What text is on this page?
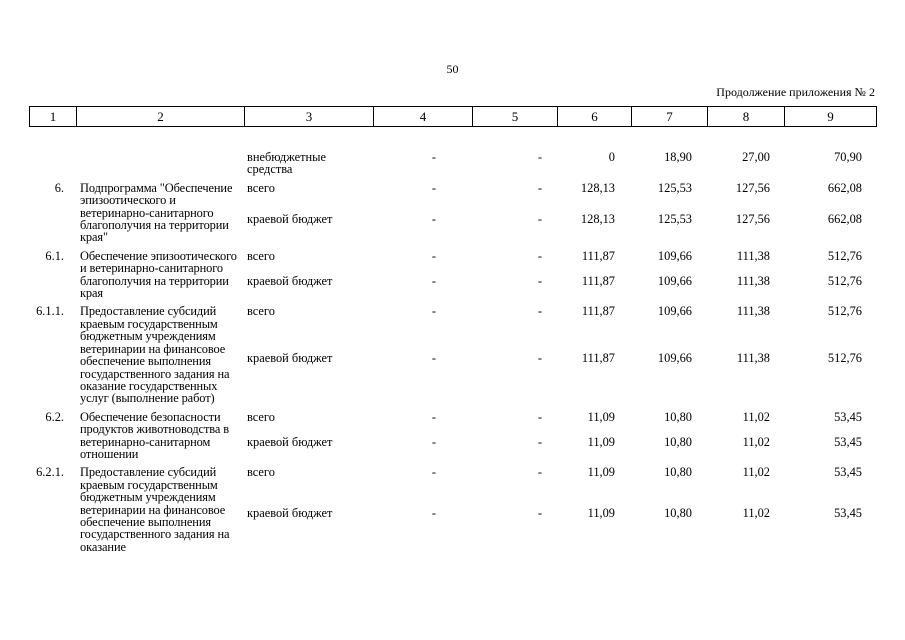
50
Продолжение приложения № 2
1	2	3	4	5	6	7	8	9
		внебюджетные средства	-	-	0	18,90	27,00	70,90

6.	Подпрограмма "Обеспечение эпизоотического и ветеринарно-санитарного благополучия на территории края"	всего	-	-	128,13	125,53	127,56	662,08
		краевой бюджет	-	-	128,13	125,53	127,56	662,08

6.1.	Обеспечение эпизоотического и ветеринарно-санитарного благополучия на территории края	всего	-	-	111,87	109,66	111,38	512,76
		краевой бюджет	-	-	111,87	109,66	111,38	512,76

6.1.1.	Предоставление субсидий краевым государственным бюджетным учреждениям ветеринарии на финансовое обеспечение выполнения государственного задания на оказание государственных услуг (выполнение работ)	всего	-	-	111,87	109,66	111,38	512,76
		краевой бюджет	-	-	111,87	109,66	111,38	512,76

6.2.	Обеспечение безопасности продуктов животноводства в ветеринарно-санитарном отношении	всего	-	-	11,09	10,80	11,02	53,45
		краевой бюджет	-	-	11,09	10,80	11,02	53,45

6.2.1.	Предоставление субсидий краевым государственным бюджетным учреждениям ветеринарии на финансовое обеспечение выполнения государственного задания на оказание	всего	-	-	11,09	10,80	11,02	53,45
		краевой бюджет	-	-	11,09	10,80	11,02	53,45
